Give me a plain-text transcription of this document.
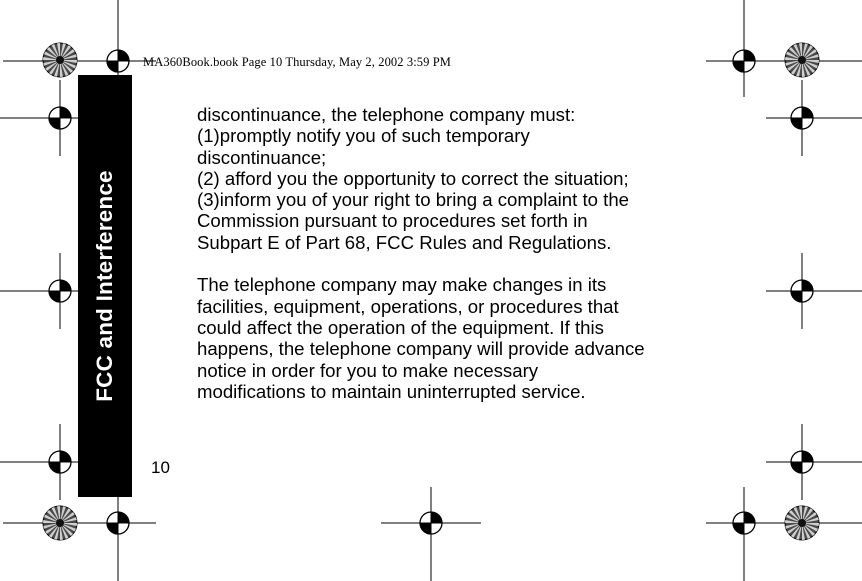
MA360Book.book Page 10 Thursday, May 2, 2002 3:59 PM
FCC and Interference
10
discontinuance, the telephone company must:
(1)promptly notify you of such temporary
discontinuance;
(2) afford you the opportunity to correct the situation;
(3)inform you of your right to bring a complaint to the
Commission pursuant to procedures set forth in
Subpart E of Part 68, FCC Rules and Regulations.
The telephone company may make changes in its
facilities, equipment, operations, or procedures that
could affect the operation of the equipment. If this
happens, the telephone company will provide advance
notice in order for you to make necessary
modifications to maintain uninterrupted service.
